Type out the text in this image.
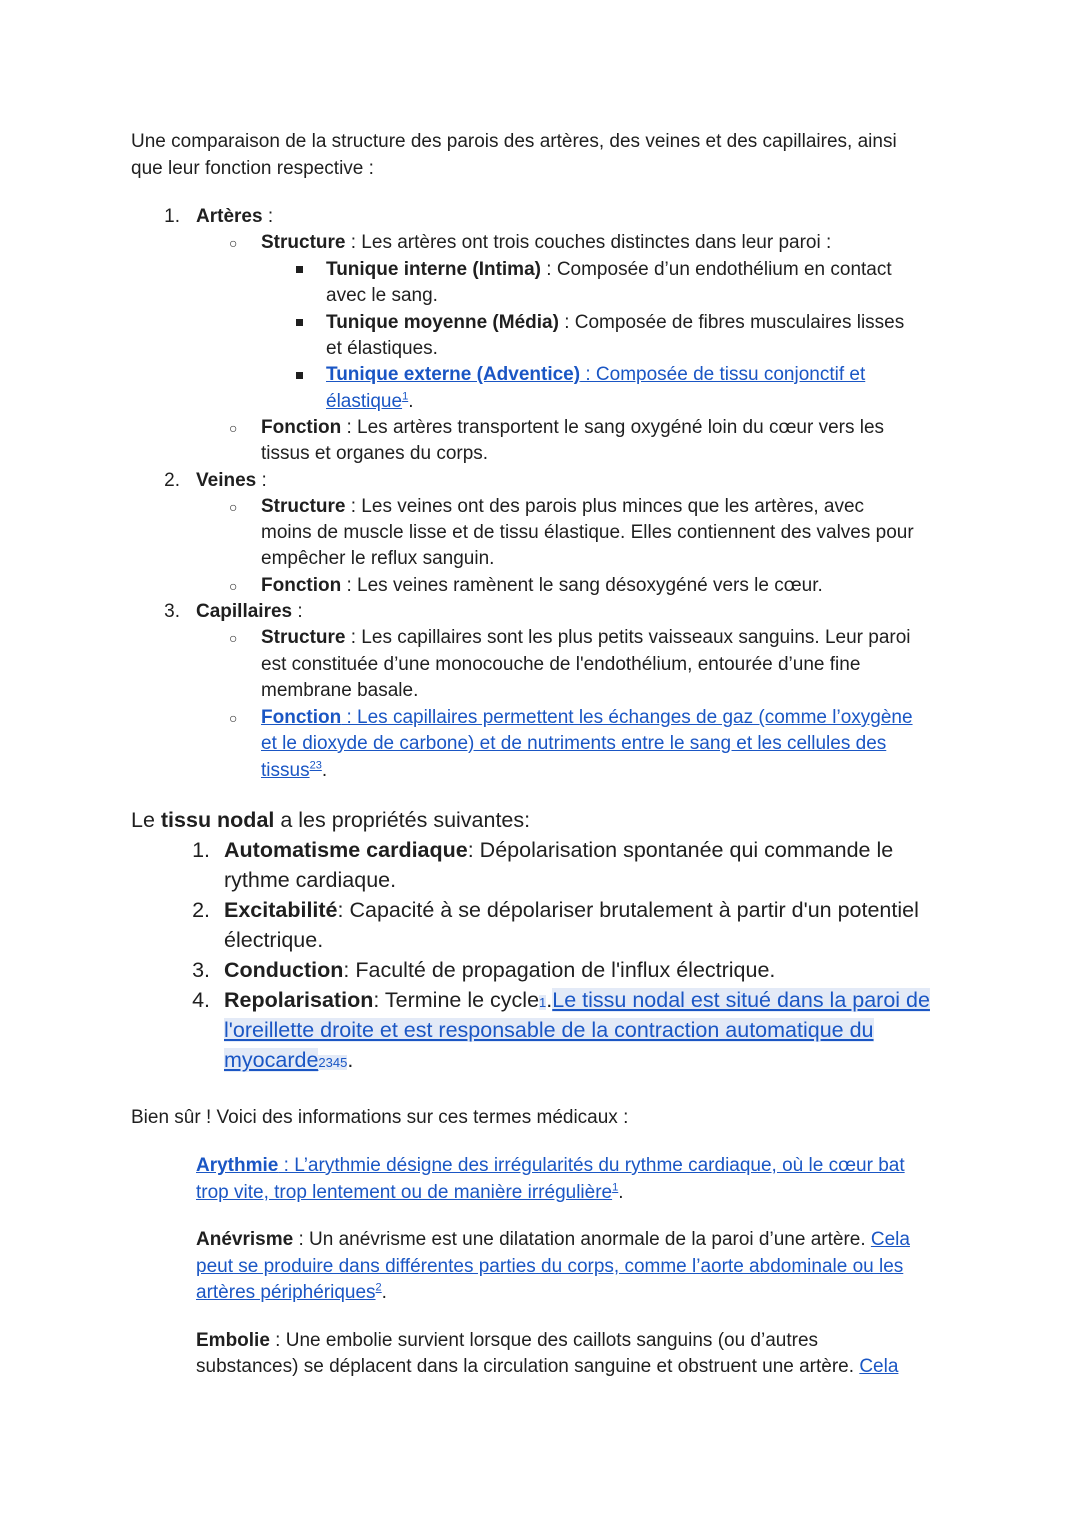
Une comparaison de la structure des parois des artères, des veines et des capillaires, ainsi
que leur fonction respective :
1. Artères :
○ Structure : Les artères ont trois couches distinctes dans leur paroi :
Tunique interne (Intima) : Composée d’un endothélium en contact
avec le sang.
Tunique moyenne (Média) : Composée de fibres musculaires lisses
et élastiques.
Tunique externe (Adventice) : Composée de tissu conjonctif et
élastique$^1$.
○ Fonction : Les artères transportent le sang oxygéné loin du cœur vers les
tissus et organes du corps.
2. Veines :
○ Structure : Les veines ont des parois plus minces que les artères, avec
moins de muscle lisse et de tissu élastique. Elles contiennent des valves pour
empêcher le reflux sanguin.
○ Fonction : Les veines ramènent le sang désoxygéné vers le cœur.
3. Capillaires :
○ Structure : Les capillaires sont les plus petits vaisseaux sanguins. Leur paroi
est constituée d’une monocouche de l'endothélium, entourée d’une fine
membrane basale.
○ Fonction : Les capillaires permettent les échanges de gaz (comme l’oxygène
et le dioxyde de carbone) et de nutriments entre le sang et les cellules des
tissus$^{23}$.
Le tissu nodal a les propriétés suivantes:
1. Automatisme cardiaque: Dépolarisation spontanée qui commande le
rythme cardiaque.
2. Excitabilité: Capacité à se dépolariser brutalement à partir d'un potentiel
électrique.
3. Conduction: Faculté de propagation de l'influx électrique.
4. Repolarisation: Termine le cycle1.Le tissu nodal est situé dans la paroi de
l'oreillette droite et est responsable de la contraction automatique du
myocarde2345.
Bien sûr ! Voici des informations sur ces termes médicaux :
Arythmie : L’arythmie désigne des irrégularités du rythme cardiaque, où le cœur bat
trop vite, trop lentement ou de manière irrégulière$^1$.
Anévrisme : Un anévrisme est une dilatation anormale de la paroi d’une artère. Cela
peut se produire dans différentes parties du corps, comme l’aorte abdominale ou les
artères périphériques$^2$.
Embolie : Une embolie survient lorsque des caillots sanguins (ou d’autres
substances) se déplacent dans la circulation sanguine et obstruent une artère. Cela
